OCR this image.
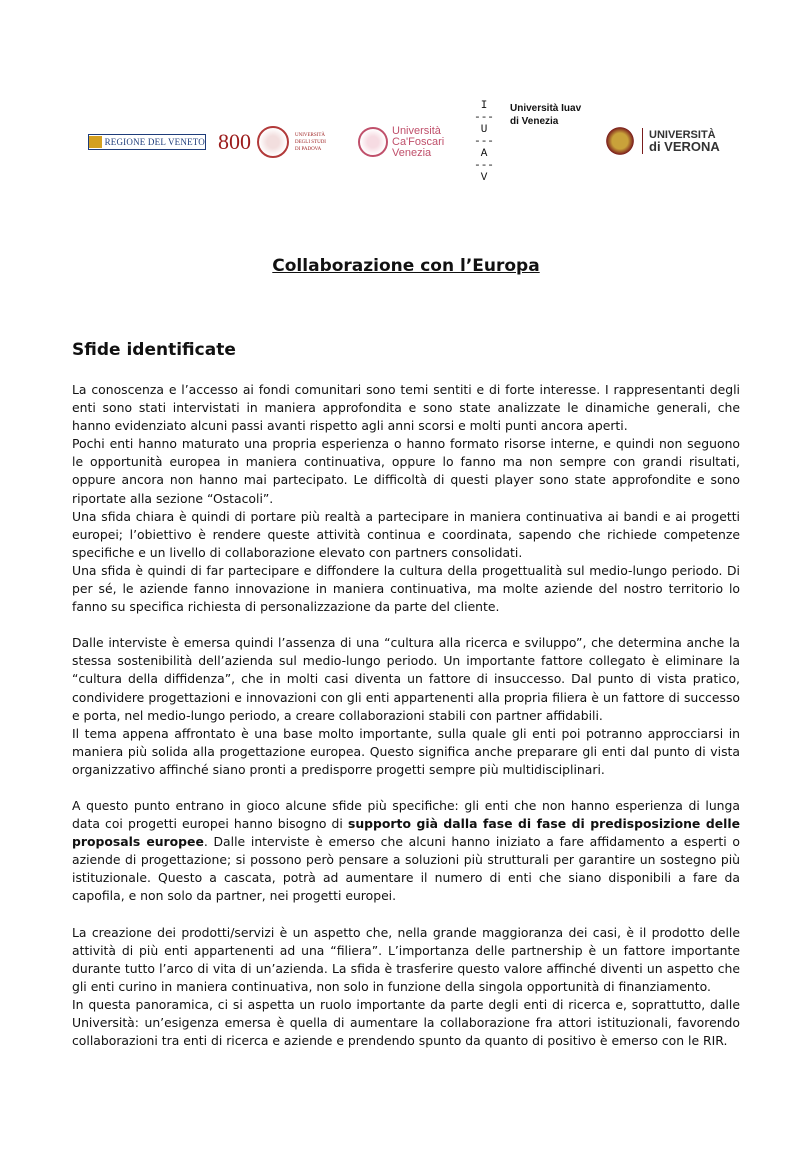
REGIONE DEL VENETO 800	UNIVERSITÀ DEGLI STUDI DI PADOVA
Università
Ca'Foscari
Venezia
I
---
U
---
A
---
V
Università Iuav
di Venezia
UNIVERSITÀ
di VERONA
Collaborazione con l’Europa
Sfide identificate

La conoscenza e l’accesso ai fondi comunitari sono temi sentiti e di forte interesse. I rappresentanti degli enti sono stati intervistati in maniera approfondita e sono state analizzate le dinamiche generali, che hanno evidenziato alcuni passi avanti rispetto agli anni scorsi e molti punti ancora aperti.

Pochi enti hanno maturato una propria esperienza o hanno formato risorse interne, e quindi non seguono le opportunità europea in maniera continuativa, oppure lo fanno ma non sempre con grandi risultati, oppure ancora non hanno mai partecipato. Le difficoltà di questi player sono state approfondite e sono riportate alla sezione “Ostacoli”.

Una sfida chiara è quindi di portare più realtà a partecipare in maniera continuativa ai bandi e ai progetti europei; l’obiettivo è rendere queste attività continua e coordinata, sapendo che richiede competenze specifiche e un livello di collaborazione elevato con partners consolidati.

Una sfida è quindi di far partecipare e diffondere la cultura della progettualità sul medio-lungo periodo. Di per sé, le aziende fanno innovazione in maniera continuativa, ma molte aziende del nostro territorio lo fanno su specifica richiesta di personalizzazione da parte del cliente.

Dalle interviste è emersa quindi l’assenza di una “cultura alla ricerca e sviluppo”, che determina anche la stessa sostenibilità dell’azienda sul medio-lungo periodo. Un importante fattore collegato è eliminare la “cultura della diffidenza”, che in molti casi diventa un fattore di insuccesso. Dal punto di vista pratico, condividere progettazioni e innovazioni con gli enti appartenenti alla propria filiera è un fattore di successo e porta, nel medio-lungo periodo, a creare collaborazioni stabili con partner affidabili.

Il tema appena affrontato è una base molto importante, sulla quale gli enti poi potranno approcciarsi in maniera più solida alla progettazione europea. Questo significa anche preparare gli enti dal punto di vista organizzativo affinché siano pronti a predisporre progetti sempre più multidisciplinari.

A questo punto entrano in gioco alcune sfide più specifiche: gli enti che non hanno esperienza di lunga data coi progetti europei hanno bisogno di supporto già dalla fase di fase di predisposizione delle proposals europee. Dalle interviste è emerso che alcuni hanno iniziato a fare affidamento a esperti o aziende di progettazione; si possono però pensare a soluzioni più strutturali per garantire un sostegno più istituzionale. Questo a cascata, potrà ad aumentare il numero di enti che siano disponibili a fare da capofila, e non solo da partner, nei progetti europei.

La creazione dei prodotti/servizi è un aspetto che, nella grande maggioranza dei casi, è il prodotto delle attività di più enti appartenenti ad una “filiera”. L’importanza delle partnership è un fattore importante durante tutto l’arco di vita di un’azienda. La sfida è trasferire questo valore affinché diventi un aspetto che gli enti curino in maniera continuativa, non solo in funzione della singola opportunità di finanziamento.

In questa panoramica, ci si aspetta un ruolo importante da parte degli enti di ricerca e, soprattutto, dalle Università: un’esigenza emersa è quella di aumentare la collaborazione fra attori istituzionali, favorendo collaborazioni tra enti di ricerca e aziende e prendendo spunto da quanto di positivo è emerso con le RIR.
